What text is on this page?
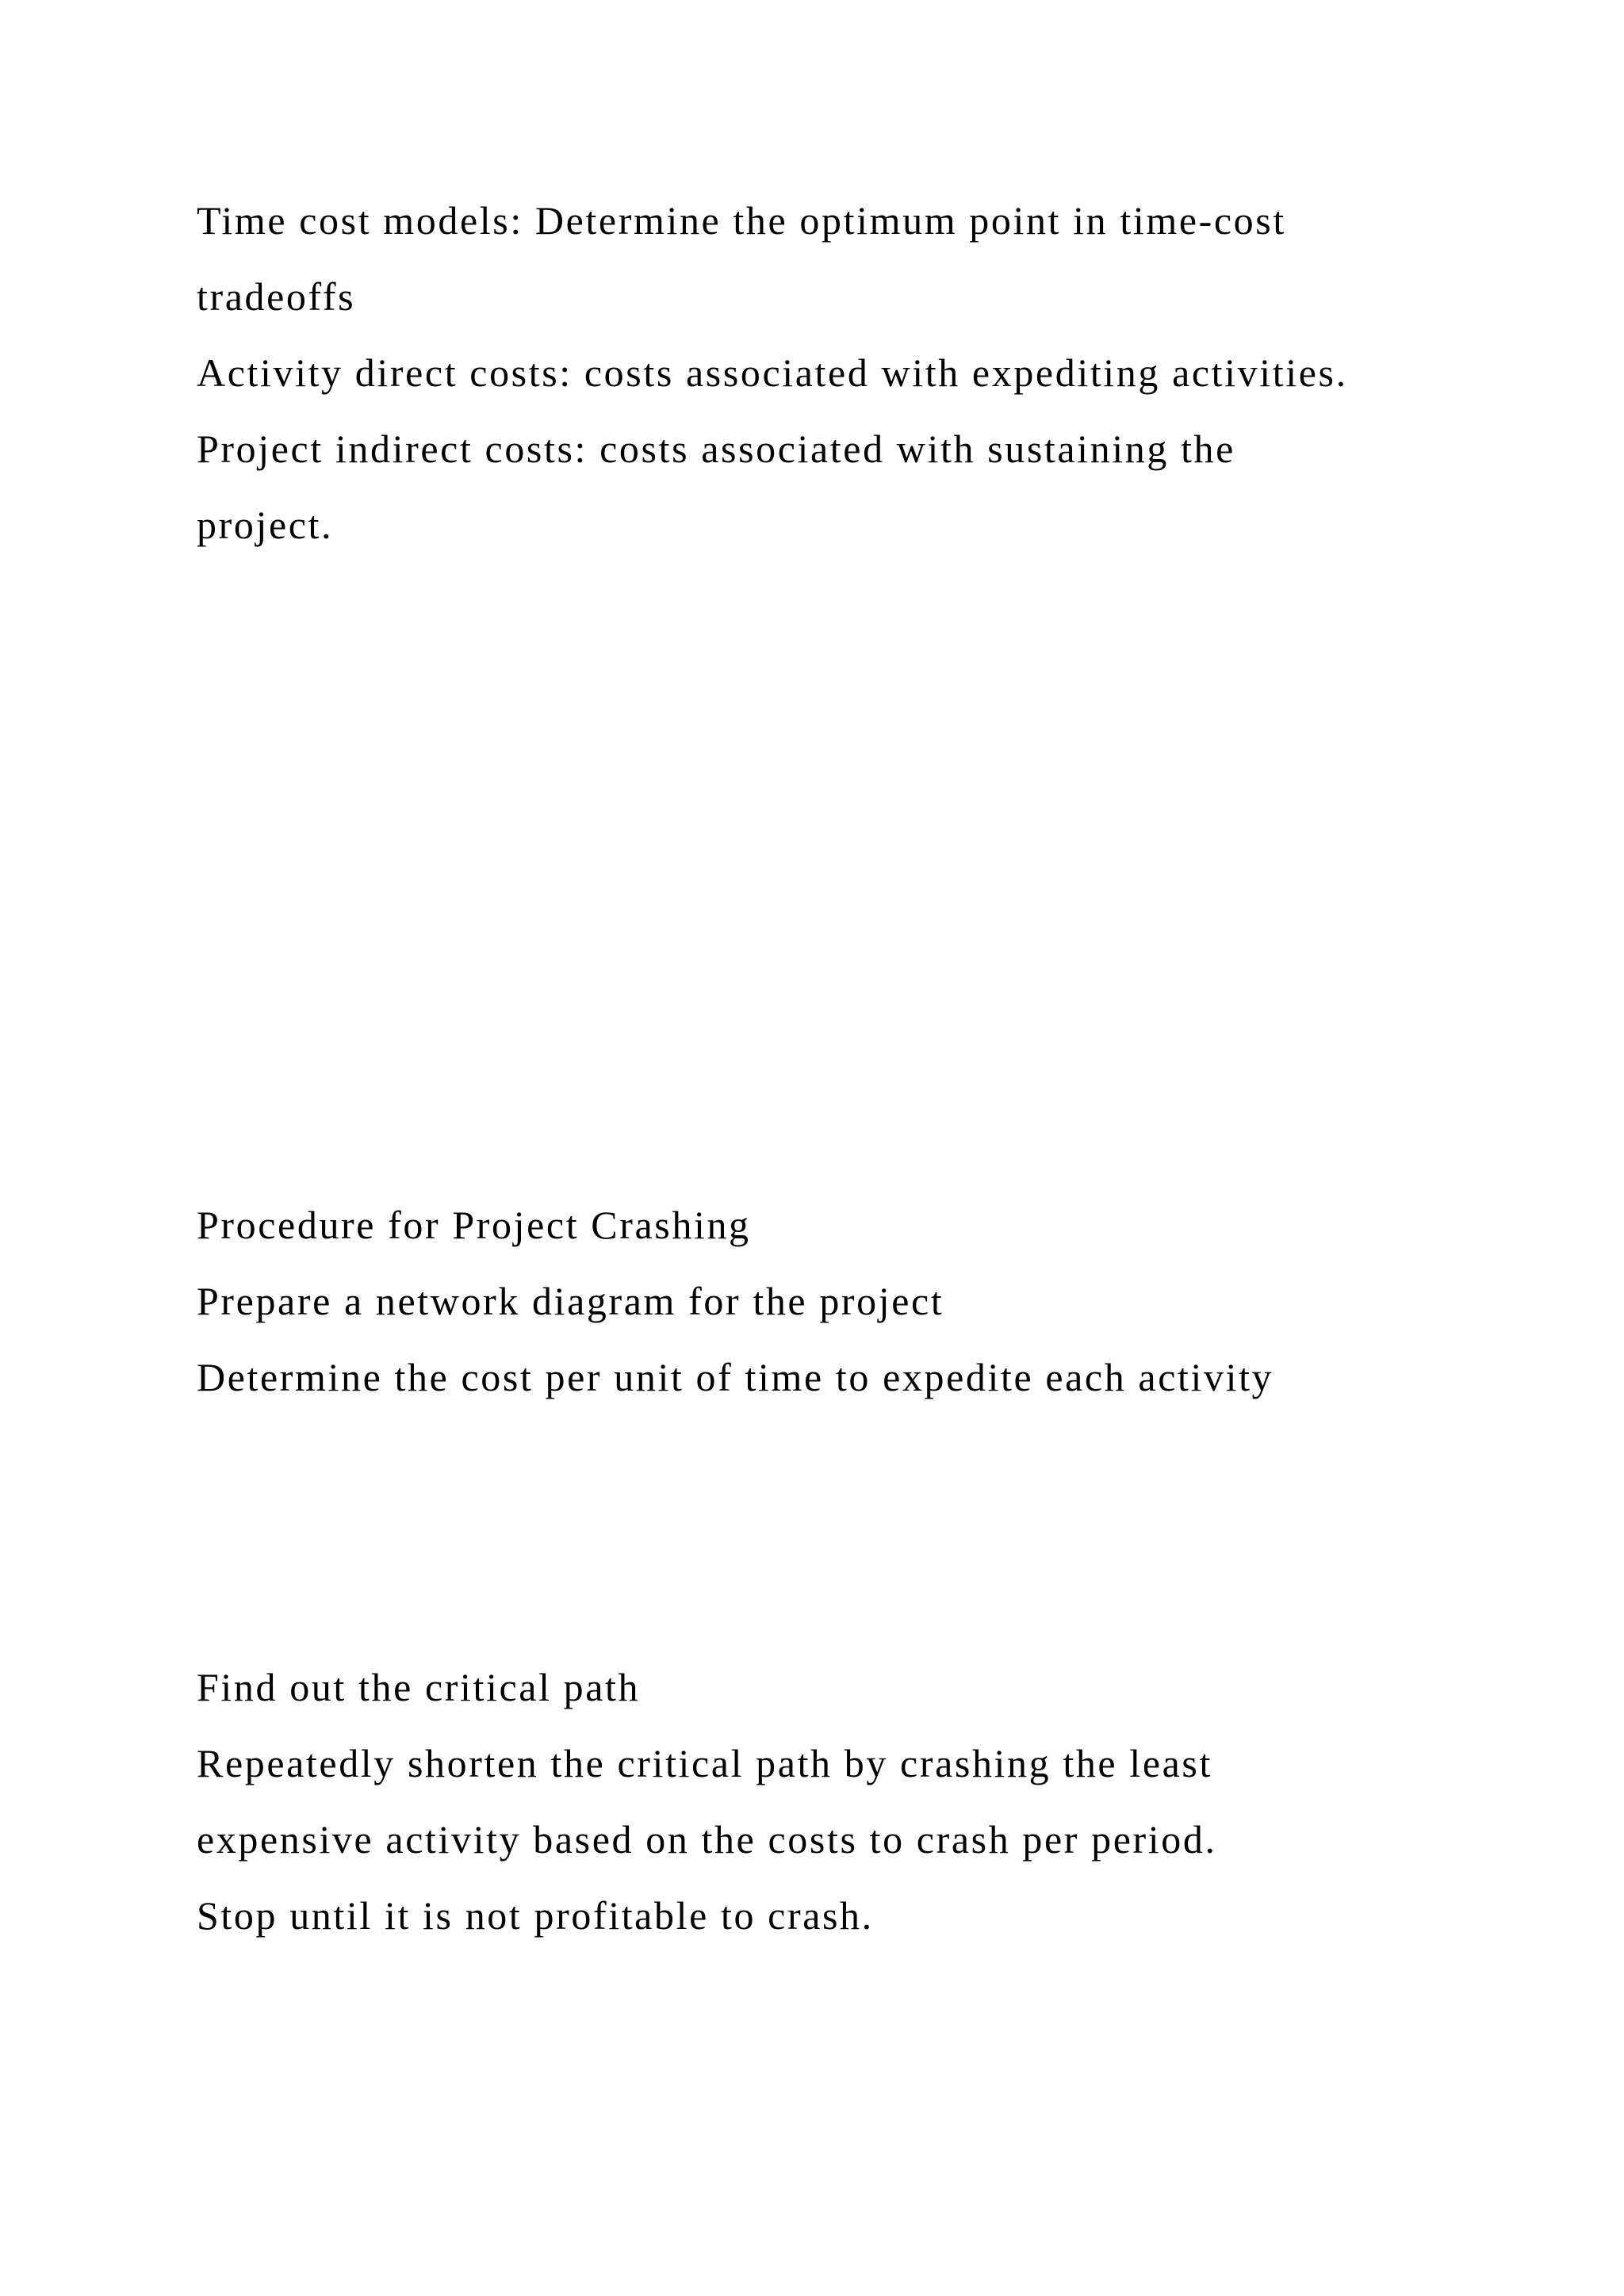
Time cost models: Determine the optimum point in time-cost

tradeoffs

Activity direct costs: costs associated with expediting activities.

Project indirect costs: costs associated with sustaining the

project.

Procedure for Project Crashing

Prepare a network diagram for the project

Determine the cost per unit of time to expedite each activity

Find out the critical path

Repeatedly shorten the critical path by crashing the least

expensive activity based on the costs to crash per period.

Stop until it is not profitable to crash.
